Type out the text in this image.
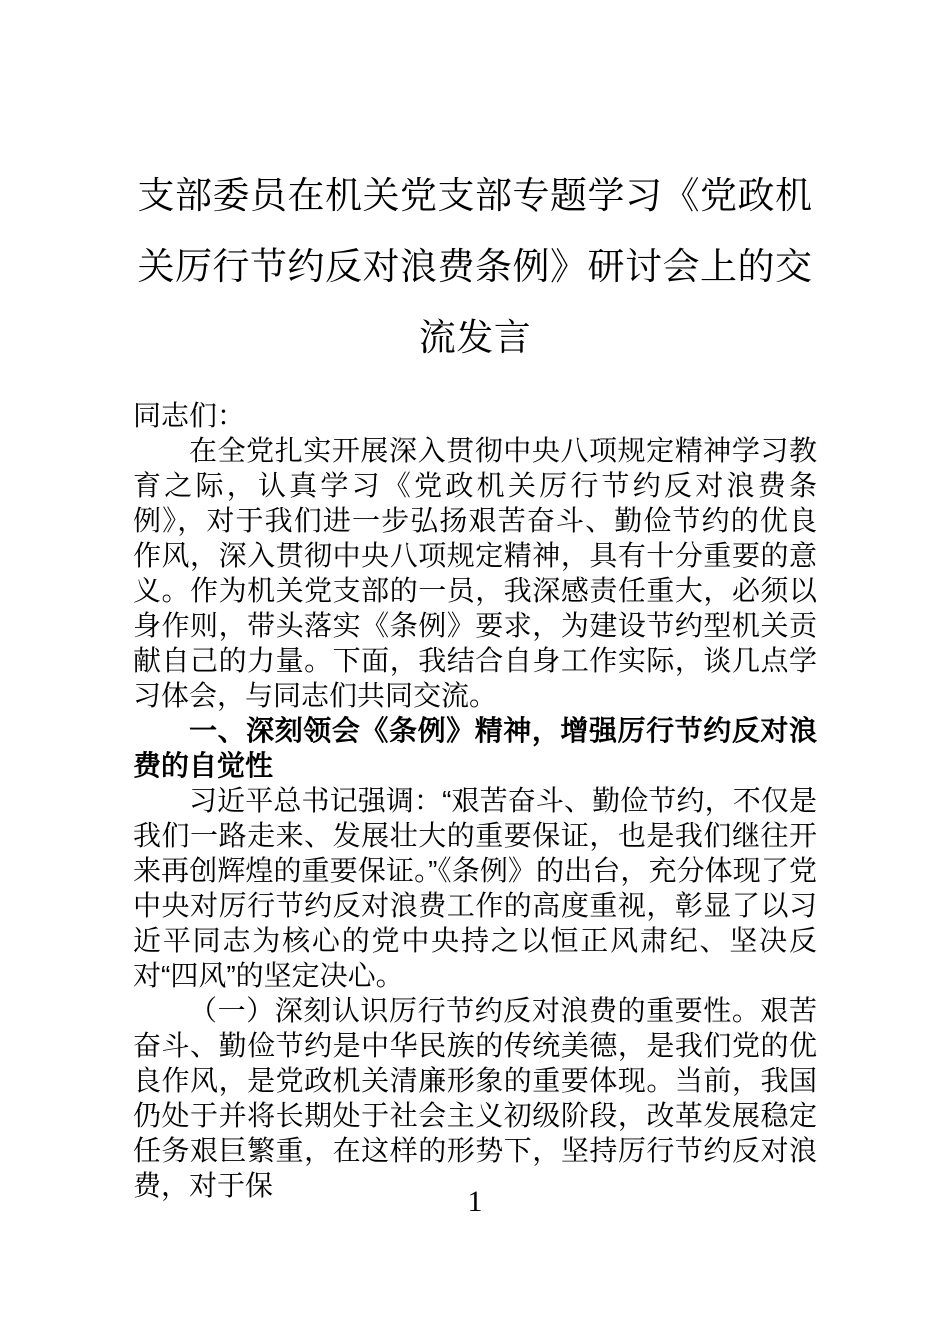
支部委员在机关党支部专题学习《党政机
关厉行节约反对浪费条例》研讨会上的交
流发言

同志们：

在全党扎实开展深入贯彻中央八项规定精神学习教育之际，认真学习《党政机关厉行节约反对浪费条例》，对于我们进一步弘扬艰苦奋斗、勤俭节约的优良作风，深入贯彻中央八项规定精神，具有十分重要的意义。作为机关党支部的一员，我深感责任重大，必须以身作则，带头落实《条例》要求，为建设节约型机关贡献自己的力量。下面，我结合自身工作实际，谈几点学习体会，与同志们共同交流。

一、深刻领会《条例》精神，增强厉行节约反对浪费的自觉性

习近平总书记强调：“艰苦奋斗、勤俭节约，不仅是我们一路走来、发展壮大的重要保证，也是我们继往开来再创辉煌的重要保证。”《条例》的出台，充分体现了党中央对厉行节约反对浪费工作的高度重视，彰显了以习近平同志为核心的党中央持之以恒正风肃纪、坚决反对“四风”的坚定决心。

（一）深刻认识厉行节约反对浪费的重要性。艰苦奋斗、勤俭节约是中华民族的传统美德，是我们党的优良作风，是党政机关清廉形象的重要体现。当前，我国仍处于并将长期处于社会主义初级阶段，改革发展稳定任务艰巨繁重，在这样的形势下，坚持厉行节约反对浪费，对于保	1
